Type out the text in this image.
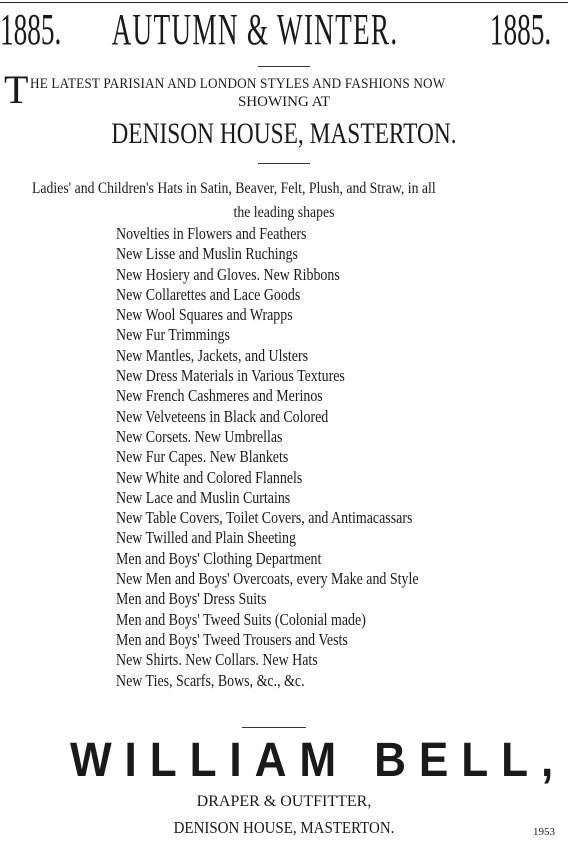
1885. AUTUMN & WINTER. 1885.
T HE LATEST PARISIAN AND LONDON STYLES AND FASHIONS NOW
SHOWING AT
DENISON HOUSE, MASTERTON.
Ladies' and Children's Hats in Satin, Beaver, Felt, Plush, and Straw, in all
the leading shapes
Novelties in Flowers and Feathers
New Lisse and Muslin Ruchings
New Hosiery and Gloves. New Ribbons
New Collarettes and Lace Goods
New Wool Squares and Wrapps
New Fur Trimmings
New Mantles, Jackets, and Ulsters
New Dress Materials in Various Textures
New French Cashmeres and Merinos
New Velveteens in Black and Colored
New Corsets. New Umbrellas
New Fur Capes. New Blankets
New White and Colored Flannels
New Lace and Muslin Curtains
New Table Covers, Toilet Covers, and Antimacassars
New Twilled and Plain Sheeting
Men and Boys' Clothing Department
New Men and Boys' Overcoats, every Make and Style
Men and Boys' Dress Suits
Men and Boys' Tweed Suits (Colonial made)
Men and Boys' Tweed Trousers and Vests
New Shirts. New Collars. New Hats
New Ties, Scarfs, Bows, &c., &c.
WILLIAM BELL,
DRAPER & OUTFITTER,
DENISON HOUSE, MASTERTON.	1953
